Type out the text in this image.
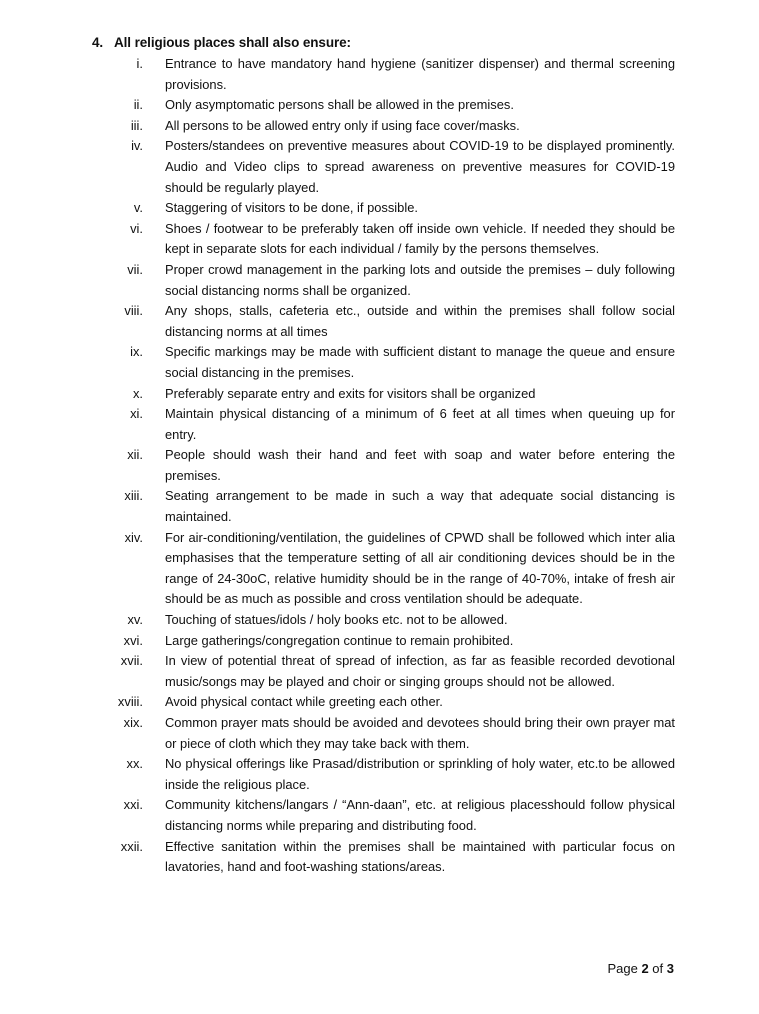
4. All religious places shall also ensure:
i.	Entrance to have mandatory hand hygiene (sanitizer dispenser) and thermal screening provisions.
ii.	Only asymptomatic persons shall be allowed in the premises.
iii.	All persons to be allowed entry only if using face cover/masks.
iv.	Posters/standees on preventive measures about COVID-19 to be displayed prominently. Audio and Video clips to spread awareness on preventive measures for COVID-19 should be regularly played.
v.	Staggering of visitors to be done, if possible.
vi.	Shoes / footwear to be preferably taken off inside own vehicle. If needed they should be kept in separate slots for each individual / family by the persons themselves.
vii.	Proper crowd management in the parking lots and outside the premises – duly following social distancing norms shall be organized.
viii.	Any shops, stalls, cafeteria etc., outside and within the premises shall follow social distancing norms at all times
ix.	Specific markings may be made with sufficient distant to manage the queue and ensure social distancing in the premises.
x.	Preferably separate entry and exits for visitors shall be organized
xi.	Maintain physical distancing of a minimum of 6 feet at all times when queuing up for entry.
xii.	People should wash their hand and feet with soap and water before entering the premises.
xiii.	Seating arrangement to be made in such a way that adequate social distancing is maintained.
xiv.	For air-conditioning/ventilation, the guidelines of CPWD shall be followed which inter alia emphasises that the temperature setting of all air conditioning devices should be in the range of 24-30oC, relative humidity should be in the range of 40-70%, intake of fresh air should be as much as possible and cross ventilation should be adequate.
xv.	Touching of statues/idols / holy books etc. not to be allowed.
xvi.	Large gatherings/congregation continue to remain prohibited.
xvii.	In view of potential threat of spread of infection, as far as feasible recorded devotional music/songs may be played and choir or singing groups should not be allowed.
xviii.	Avoid physical contact while greeting each other.
xix.	Common prayer mats should be avoided and devotees should bring their own prayer mat or piece of cloth which they may take back with them.
xx.	No physical offerings like Prasad/distribution or sprinkling of holy water, etc.to be allowed inside the religious place.
xxi.	Community kitchens/langars / “Ann-daan”, etc. at religious placesshould follow physical distancing norms while preparing and distributing food.
xxii.	Effective sanitation within the premises shall be maintained with particular focus on lavatories, hand and foot-washing stations/areas.
Page 2 of 3
